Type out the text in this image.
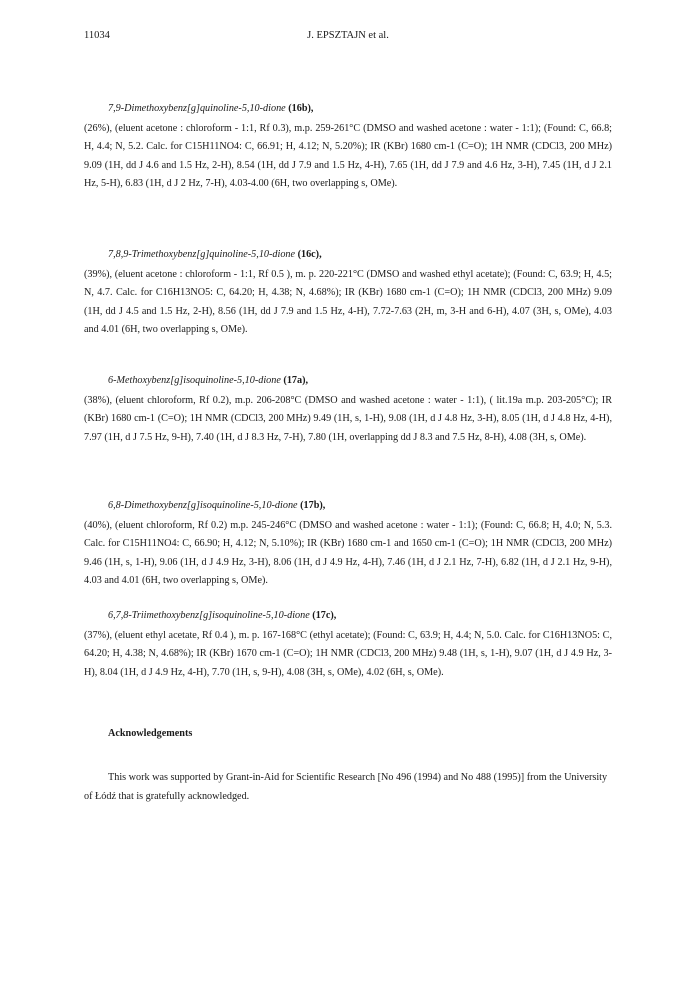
11034	J. EPSZTAJN et al.
7,9-Dimethoxybenz[g]quinoline-5,10-dione (16b),
(26%), (eluent acetone : chloroform - 1:1, Rf 0.3), m.p. 259-261°C (DMSO and washed acetone : water - 1:1); (Found: C, 66.8; H, 4.4; N, 5.2. Calc. for C15H11NO4: C, 66.91; H, 4.12; N, 5.20%); IR (KBr) 1680 cm-1 (C=O); 1H NMR (CDCl3, 200 MHz) 9.09 (1H, dd J 4.6 and 1.5 Hz, 2-H), 8.54 (1H, dd J 7.9 and 1.5 Hz, 4-H), 7.65 (1H, dd J 7.9 and 4.6 Hz, 3-H), 7.45 (1H, d J 2.1 Hz, 5-H), 6.83 (1H, d J 2 Hz, 7-H), 4.03-4.00 (6H, two overlapping s, OMe).
7,8,9-Trimethoxybenz[g]quinoline-5,10-dione (16c),
(39%), (eluent acetone : chloroform - 1:1, Rf 0.5 ), m. p. 220-221°C (DMSO and washed ethyl acetate); (Found: C, 63.9; H, 4.5; N, 4.7. Calc. for C16H13NO5: C, 64.20; H, 4.38; N, 4.68%); IR (KBr) 1680 cm-1 (C=O); 1H NMR (CDCl3, 200 MHz) 9.09 (1H, dd J 4.5 and 1.5 Hz, 2-H), 8.56 (1H, dd J 7.9 and 1.5 Hz, 4-H), 7.72-7.63 (2H, m, 3-H and 6-H), 4.07 (3H, s, OMe), 4.03 and 4.01 (6H, two overlapping s, OMe).
6-Methoxybenz[g]isoquinoline-5,10-dione (17a),
(38%), (eluent chloroform, Rf 0.2), m.p. 206-208°C (DMSO and washed acetone : water - 1:1), ( lit.19a m.p. 203-205°C); IR (KBr) 1680 cm-1 (C=O); 1H NMR (CDCl3, 200 MHz) 9.49 (1H, s, 1-H), 9.08 (1H, d J 4.8 Hz, 3-H), 8.05 (1H, d J 4.8 Hz, 4-H), 7.97 (1H, d J 7.5 Hz, 9-H), 7.40 (1H, d J 8.3 Hz, 7-H), 7.80 (1H, overlapping dd J 8.3 and 7.5 Hz, 8-H), 4.08 (3H, s, OMe).
6,8-Dimethoxybenz[g]isoquinoline-5,10-dione (17b),
(40%), (eluent chloroform, Rf 0.2) m.p. 245-246°C (DMSO and washed acetone : water - 1:1); (Found: C, 66.8; H, 4.0; N, 5.3. Calc. for C15H11NO4: C, 66.90; H, 4.12; N, 5.10%); IR (KBr) 1680 cm-1 and 1650 cm-1 (C=O); 1H NMR (CDCl3, 200 MHz) 9.46 (1H, s, 1-H), 9.06 (1H, d J 4.9 Hz, 3-H), 8.06 (1H, d J 4.9 Hz, 4-H), 7.46 (1H, d J 2.1 Hz, 7-H), 6.82 (1H, d J 2.1 Hz, 9-H), 4.03 and 4.01 (6H, two overlapping s, OMe).
6,7,8-Triimethoxybenz[g]isoquinoline-5,10-dione (17c),
(37%), (eluent ethyl acetate, Rf 0.4 ), m. p. 167-168°C (ethyl acetate); (Found: C, 63.9; H, 4.4; N, 5.0. Calc. for C16H13NO5: C, 64.20; H, 4.38; N, 4.68%); IR (KBr) 1670 cm-1 (C=O); 1H NMR (CDCl3, 200 MHz) 9.48 (1H, s, 1-H), 9.07 (1H, d J 4.9 Hz, 3-H), 8.04 (1H, d J 4.9 Hz, 4-H), 7.70 (1H, s, 9-H), 4.08 (3H, s, OMe), 4.02 (6H, s, OMe).
Acknowledgements
This work was supported by Grant-in-Aid for Scientific Research [No 496 (1994) and No 488 (1995)] from the University of Łódź that is gratefully acknowledged.
